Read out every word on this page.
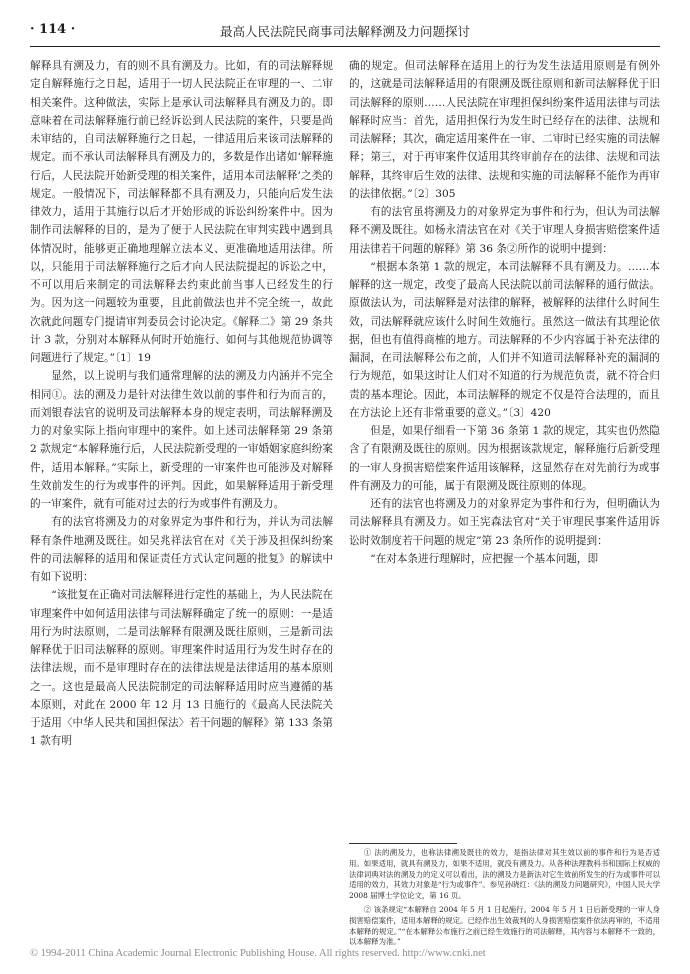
· 114 ·	最高人民法院民商事司法解释溯及力问题探讨

解释具有溯及力，有的则不具有溯及力。比如，有的司法解释规定自解释施行之日起，适用于一切人民法院正在审理的一、二审相关案件。这种做法，实际上是承认司法解释具有溯及力的。即意味着在司法解释施行前已经诉讼到人民法院的案件，只要是尚未审结的，自司法解释施行之日起，一律适用后来该司法解释的规定。而不承认司法解释具有溯及力的，多数是作出诸如‘解释施行后，人民法院开始新受理的相关案件，适用本司法解释’之类的规定。一般情况下，司法解释都不具有溯及力，只能向后发生法律效力，适用于其施行以后才开始形成的诉讼纠纷案件中。因为制作司法解释的目的，是为了便于人民法院在审判实践中遇到具体情况时，能够更正确地理解立法本义、更准确地适用法律。所以，只能用于司法解释施行之后才向人民法院提起的诉讼之中，不可以用后来制定的司法解释去约束此前当事人已经发生的行为。因为这一问题较为重要，且此前做法也并不完全统一，故此次就此问题专门提请审判委员会讨论决定。《解释二》第 29 条共计 3 款，分别对本解释从何时开始施行、如何与其他规范协调等问题进行了规定。”〔1〕19

显然，以上说明与我们通常理解的法的溯及力内涵并不完全相同①。法的溯及力是针对法律生效以前的事件和行为而言的，而刘银春法官的说明及司法解释本身的规定表明，司法解释溯及力的对象实际上指向审理中的案件。如上述司法解释第 29 条第 2 款规定“本解释施行后，人民法院新受理的一审婚姻家庭纠纷案件，适用本解释。”实际上，新受理的一审案件也可能涉及对解释生效前发生的行为或事件的评判。因此，如果解释适用于新受理的一审案件，就有可能对过去的行为或事件有溯及力。

有的法官将溯及力的对象界定为事件和行为，并认为司法解释有条件地溯及既往。如吴兆祥法官在对《关于涉及担保纠纷案件的司法解释的适用和保证责任方式认定问题的批复》的解读中有如下说明：

“该批复在正确对司法解释进行定性的基础上，为人民法院在审理案件中如何适用法律与司法解释确定了统一的原则：一是适用行为时法原则，二是司法解释有限溯及既往原则，三是新司法解释优于旧司法解释的原则。审理案件时适用行为发生时存在的法律法规，而不是审理时存在的法律法规是法律适用的基本原则之一。这也是最高人民法院制定的司法解释适用时应当遵循的基本原则，对此在 2000 年 12 月 13 日施行的《最高人民法院关于适用〈中华人民共和国担保法〉若干问题的解释》第 133 条第 1 款有明

确的规定。但司法解释在适用上的行为发生法适用原则是有例外的，这就是司法解释适用的有限溯及既往原则和新司法解释优于旧司法解释的原则……人民法院在审理担保纠纷案件适用法律与司法解释时应当：首先，适用担保行为发生时已经存在的法律、法规和司法解释；其次，确定适用案件在一审、二审时已经实施的司法解释；第三，对于再审案件仅适用其终审前存在的法律、法规和司法解释，其终审后生效的法律、法规和实施的司法解释不能作为再审的法律依据。”〔2〕305

有的法官虽将溯及力的对象界定为事件和行为，但认为司法解释不溯及既往。如杨永清法官在对《关于审理人身损害赔偿案件适用法律若干问题的解释》第 36 条②所作的说明中提到：

“根据本条第 1 款的规定，本司法解释不具有溯及力。……本解释的这一规定，改变了最高人民法院以前司法解释的通行做法。原做法认为，司法解释是对法律的解释，被解释的法律什么时间生效，司法解释就应该什么时间生效施行。虽然这一做法有其理论依据，但也有值得商榷的地方。司法解释的不少内容属于补充法律的漏洞，在司法解释公布之前，人们并不知道司法解释补充的漏洞的行为规范，如果这时让人们对不知道的行为规范负责，就不符合归责的基本理论。因此，本司法解释的规定不仅是符合法理的，而且在方法论上还有非常重要的意义。”〔3〕420

但是，如果仔细看一下第 36 条第 1 款的规定，其实也仍然隐含了有限溯及既往的原则。因为根据该款规定，解释施行后新受理的一审人身损害赔偿案件适用该解释，这显然存在对先前行为或事件有溯及力的可能，属于有限溯及既往原则的体现。

还有的法官也将溯及力的对象界定为事件和行为，但明确认为司法解释具有溯及力。如王宪森法官对“关于审理民事案件适用诉讼时效制度若干问题的规定”第 23 条所作的说明提到：

“在对本条进行理解时，应把握一个基本问题，即

① 法的溯及力，也称法律溯及既往的效力，是指法律对其生效以前的事件和行为是否适用。如果适用，就具有溯及力，如果不适用，就没有溯及力。从各种法理教科书和国际上权威的法律词典对法的溯及力的定义可以看出，法的溯及力是新法对它生效前所发生的行为或事件可以适用的效力，其效力对象是“行为或事件”。参见孙晓红：《法的溯及力问题研究》，中国人民大学 2008 届博士学位论文，第 16 页。

② 该条规定“本解释自 2004 年 5 月 1 日起施行。2004 年 5 月 1 日后新受理的一审人身损害赔偿案件，适用本解释的规定。已经作出生效裁判的人身损害赔偿案件依法再审的，不适用本解释的规定。”“在本解释公布施行之前已经生效施行的司法解释，其内容与本解释不一致的，以本解释为准。”

© 1994-2011 China Academic Journal Electronic Publishing House. All rights reserved. http://www.cnki.net
